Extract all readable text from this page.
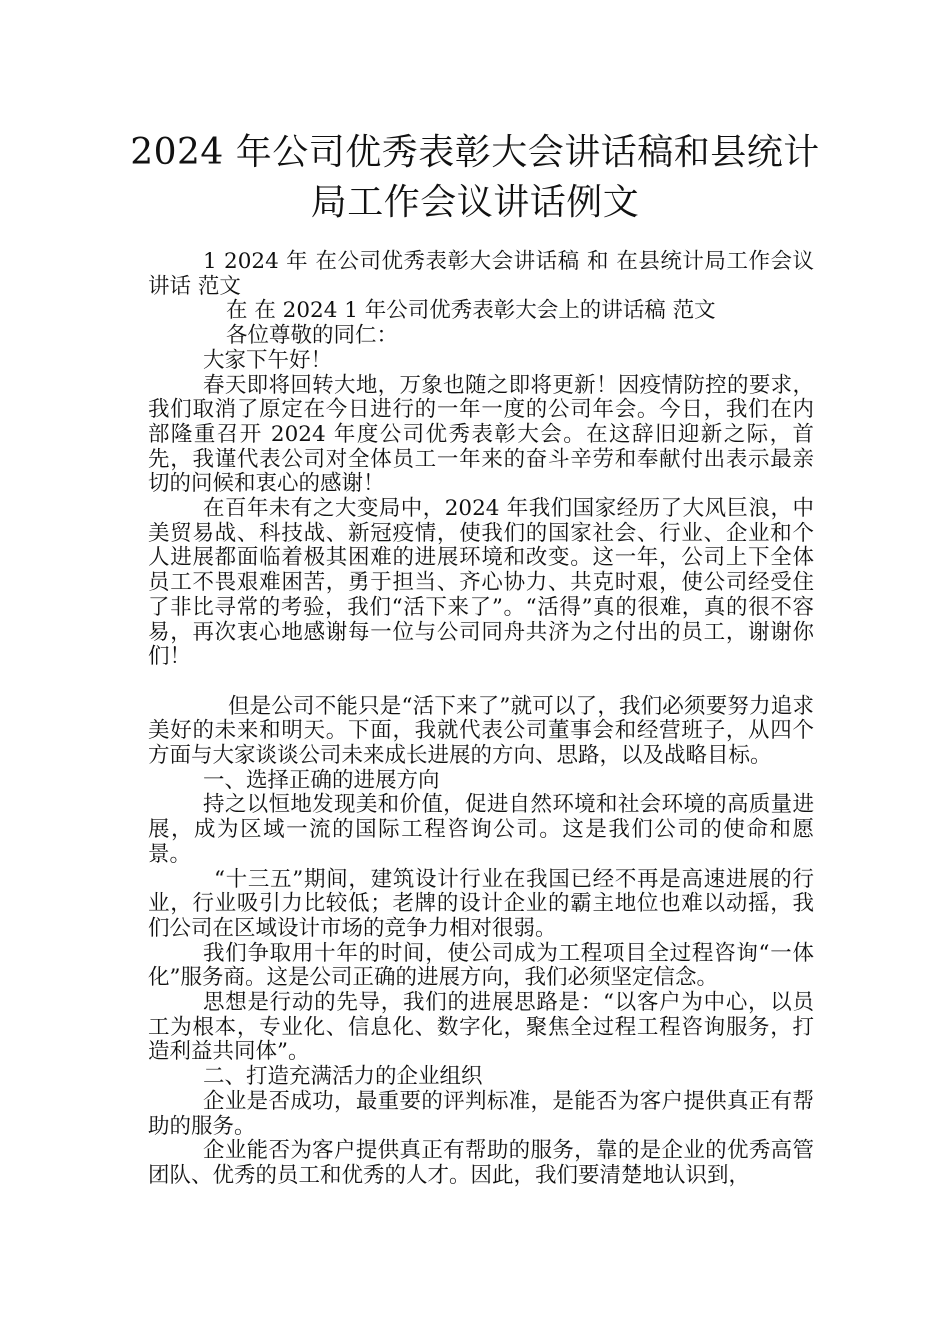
2024 年公司优秀表彰大会讲话稿和县统计
局工作会议讲话例文

1 2024 年 在公司优秀表彰大会讲话稿 和 在县统计局工作会议讲话 范文

在 在 2024 1 年公司优秀表彰大会上的讲话稿 范文

各位尊敬的同仁：

大家下午好！

春天即将回转大地，万象也随之即将更新！因疫情防控的要求，我们取消了原定在今日进行的一年一度的公司年会。今日，我们在内部隆重召开 2024 年度公司优秀表彰大会。在这辞旧迎新之际，首先，我谨代表公司对全体员工一年来的奋斗辛劳和奉献付出表示最亲切的问候和衷心的感谢！

在百年未有之大变局中，2024 年我们国家经历了大风巨浪，中美贸易战、科技战、新冠疫情，使我们的国家社会、行业、企业和个人进展都面临着极其困难的进展环境和改变。这一年，公司上下全体员工不畏艰难困苦，勇于担当、齐心协力、共克时艰，使公司经受住了非比寻常的考验，我们“活下来了”。“活得”真的很难，真的很不容易，再次衷心地感谢每一位与公司同舟共济为之付出的员工，谢谢你们！

但是公司不能只是“活下来了”就可以了，我们必须要努力追求美好的未来和明天。下面，我就代表公司董事会和经营班子，从四个方面与大家谈谈公司未来成长进展的方向、思路，以及战略目标。

一、选择正确的进展方向

持之以恒地发现美和价值，促进自然环境和社会环境的高质量进展，成为区域一流的国际工程咨询公司。这是我们公司的使命和愿景。

“十三五”期间，建筑设计行业在我国已经不再是高速进展的行业，行业吸引力比较低；老牌的设计企业的霸主地位也难以动摇，我们公司在区域设计市场的竞争力相对很弱。

我们争取用十年的时间，使公司成为工程项目全过程咨询“一体化”服务商。这是公司正确的进展方向，我们必须坚定信念。

思想是行动的先导，我们的进展思路是：“以客户为中心，以员工为根本，专业化、信息化、数字化，聚焦全过程工程咨询服务，打造利益共同体”。

二、打造充满活力的企业组织

企业是否成功，最重要的评判标准，是能否为客户提供真正有帮助的服务。

企业能否为客户提供真正有帮助的服务，靠的是企业的优秀高管团队、优秀的员工和优秀的人才。因此，我们要清楚地认识到，
